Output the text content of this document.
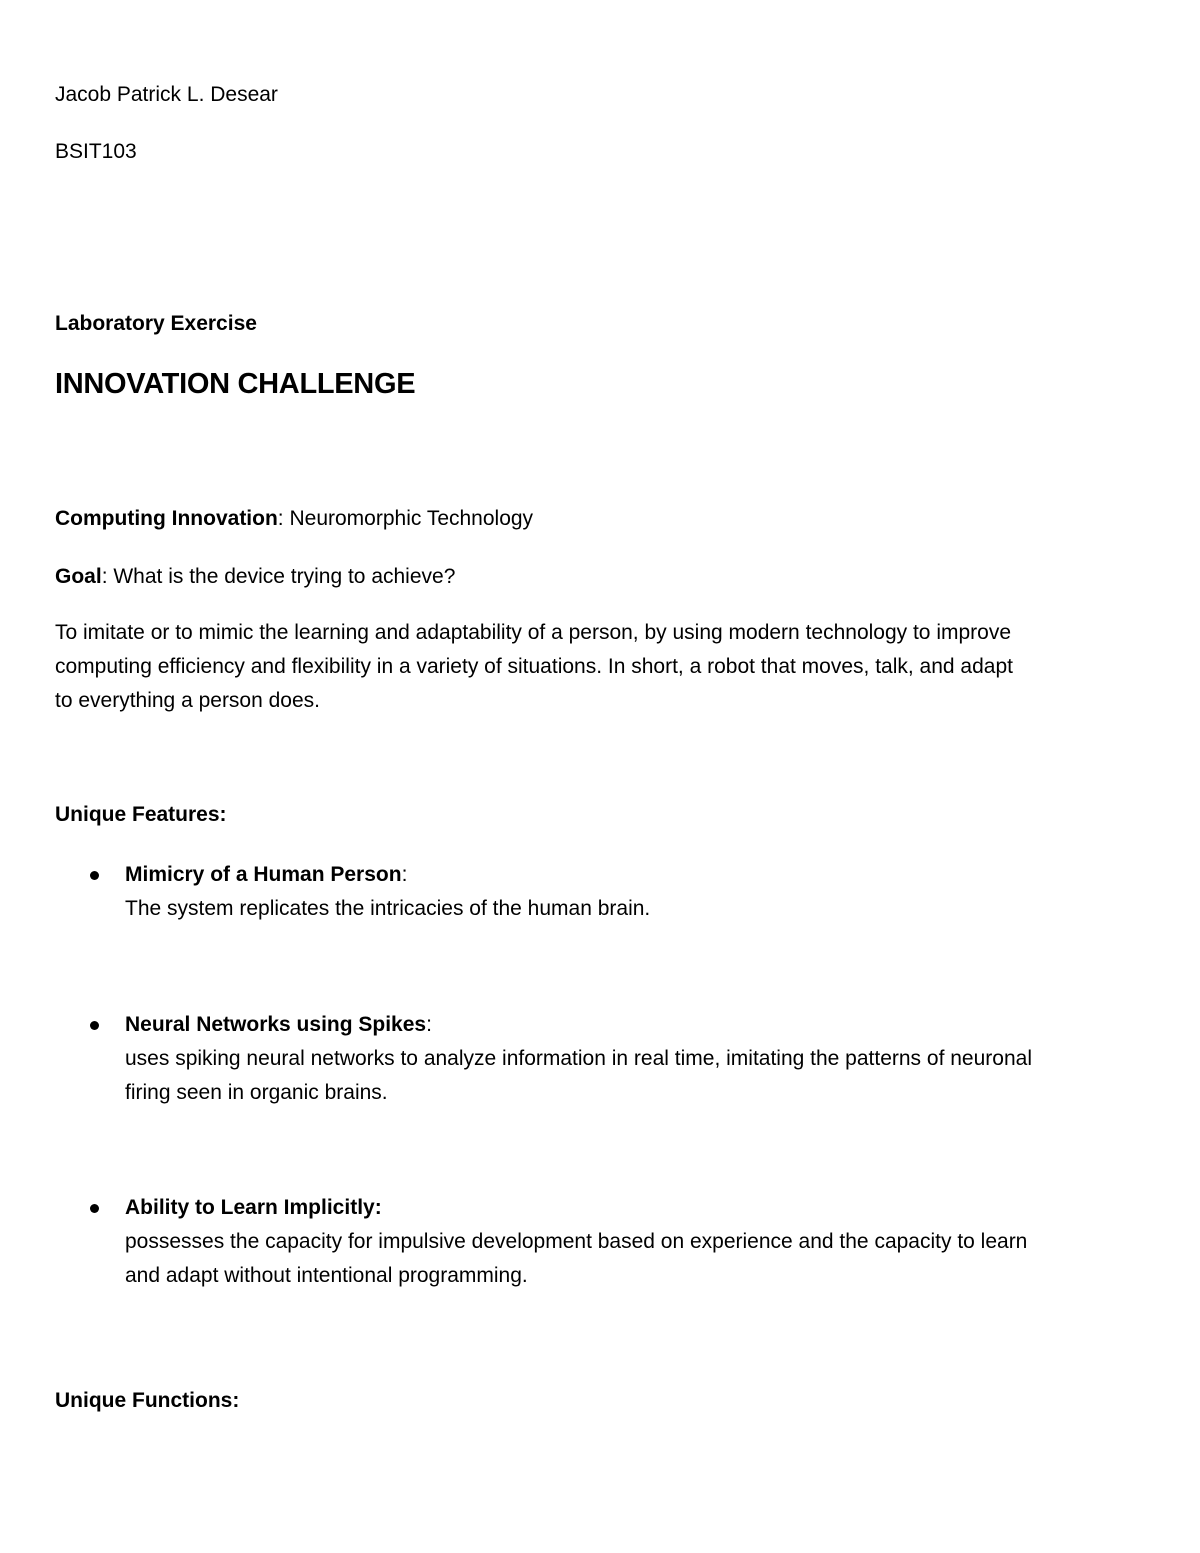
Jacob Patrick L. Desear
BSIT103
Laboratory Exercise
INNOVATION CHALLENGE
Computing Innovation: Neuromorphic Technology
Goal: What is the device trying to achieve?
To imitate or to mimic the learning and adaptability of a person, by using modern technology to improve
computing efficiency and flexibility in a variety of situations. In short, a robot that moves, talk, and adapt
to everything a person does.
Unique Features:
Mimicry of a Human Person:
The system replicates the intricacies of the human brain.
Neural Networks using Spikes:
uses spiking neural networks to analyze information in real time, imitating the patterns of neuronal
firing seen in organic brains.
Ability to Learn Implicitly:
possesses the capacity for impulsive development based on experience and the capacity to learn
and adapt without intentional programming.
Unique Functions:
